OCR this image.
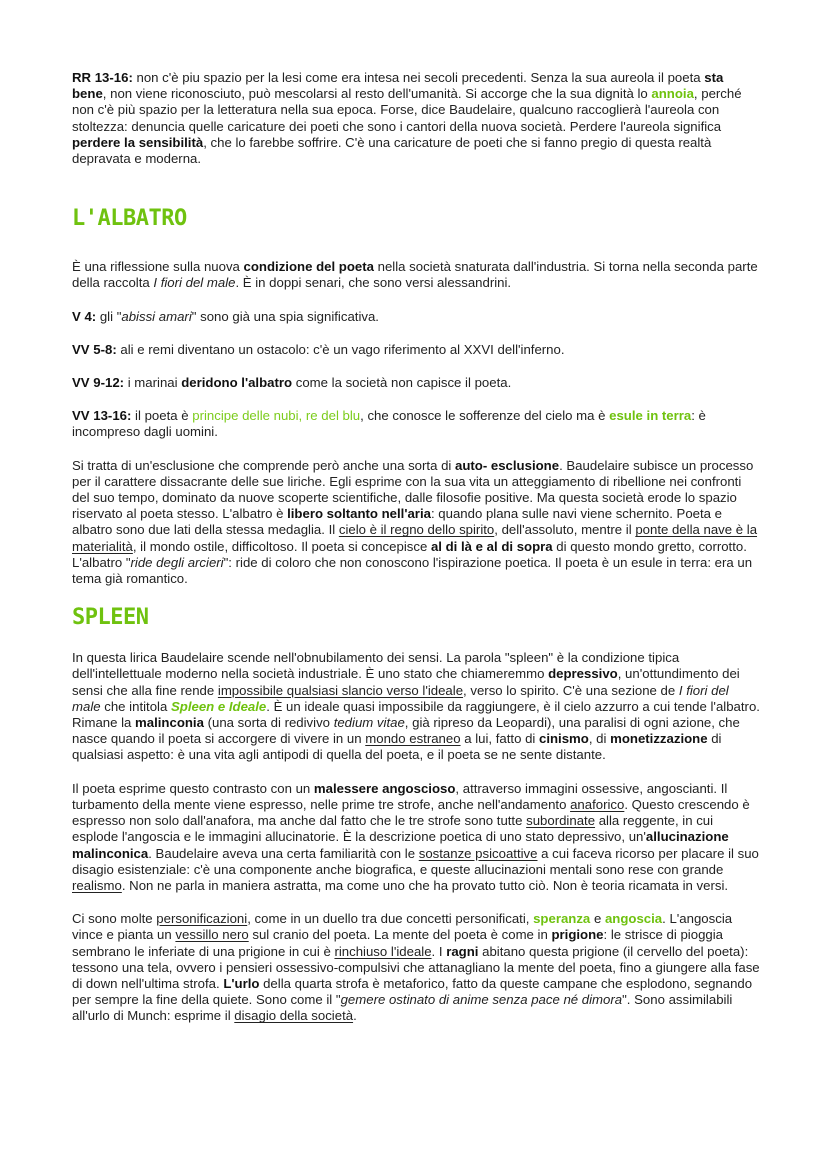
RR 13-16: non c'è piu spazio per la lesi come era intesa nei secoli precedenti. Senza la sua aureola il poeta sta bene, non viene riconosciuto, può mescolarsi al resto dell'umanità. Si accorge che la sua dignità lo annoia, perché non c'è più spazio per la letteratura nella sua epoca. Forse, dice Baudelaire, qualcuno raccoglierà l'aureola con stoltezza: denuncia quelle caricature dei poeti che sono i cantori della nuova società. Perdere l'aureola significa perdere la sensibilità, che lo farebbe soffrire. C'è una caricature de poeti che si fanno pregio di questa realtà depravata e moderna.

L'ALBATRO

È una riflessione sulla nuova condizione del poeta nella società snaturata dall'industria. Si torna nella seconda parte della raccolta I fiori del male. È in doppi senari, che sono versi alessandrini.

V 4: gli "abissi amari" sono già una spia significativa.

VV 5-8: ali e remi diventano un ostacolo: c'è un vago riferimento al XXVI dell'inferno.

VV 9-12: i marinai deridono l'albatro come la società non capisce il poeta.

VV 13-16: il poeta è principe delle nubi, re del blu, che conosce le sofferenze del cielo ma è esule in terra: è incompreso dagli uomini.

Si tratta di un'esclusione che comprende però anche una sorta di auto- esclusione. Baudelaire subisce un processo per il carattere dissacrante delle sue liriche. Egli esprime con la sua vita un atteggiamento di ribellione nei confronti del suo tempo, dominato da nuove scoperte scientifiche, dalle filosofie positive. Ma questa società erode lo spazio riservato al poeta stesso. L'albatro è libero soltanto nell'aria: quando plana sulle navi viene schernito. Poeta e albatro sono due lati della stessa medaglia. Il cielo è il regno dello spirito, dell'assoluto, mentre il ponte della nave è la materialità, il mondo ostile, difficoltoso. Il poeta si concepisce al di là e al di sopra di questo mondo gretto, corrotto. L'albatro "ride degli arcieri": ride di coloro che non conoscono l'ispirazione poetica. Il poeta è un esule in terra: era un tema già romantico.

SPLEEN

In questa lirica Baudelaire scende nell'obnubilamento dei sensi. La parola "spleen" è la condizione tipica dell'intellettuale moderno nella società industriale. È uno stato che chiameremmo depressivo, un'ottundimento dei sensi che alla fine rende impossibile qualsiasi slancio verso l'ideale, verso lo spirito. C'è una sezione de I fiori del male che intitola Spleen e Ideale. È un ideale quasi impossibile da raggiungere, è il cielo azzurro a cui tende l'albatro. Rimane la malinconia (una sorta di redivivo tedium vitae, già ripreso da Leopardi), una paralisi di ogni azione, che nasce quando il poeta si accorgere di vivere in un mondo estraneo a lui, fatto di cinismo, di monetizzazione di qualsiasi aspetto: è una vita agli antipodi di quella del poeta, e il poeta se ne sente distante.

Il poeta esprime questo contrasto con un malessere angoscioso, attraverso immagini ossessive, angoscianti. Il turbamento della mente viene espresso, nelle prime tre strofe, anche nell'andamento anaforico. Questo crescendo è espresso non solo dall'anafora, ma anche dal fatto che le tre strofe sono tutte subordinate alla reggente, in cui esplode l'angoscia e le immagini allucinatorie. È la descrizione poetica di uno stato depressivo, un'allucinazione malinconica. Baudelaire aveva una certa familiarità con le sostanze psicoattive a cui faceva ricorso per placare il suo disagio esistenziale: c'è una componente anche biografica, e queste allucinazioni mentali sono rese con grande realismo. Non ne parla in maniera astratta, ma come uno che ha provato tutto ciò. Non è teoria ricamata in versi.

Ci sono molte personificazioni, come in un duello tra due concetti personificati, speranza e angoscia. L'angoscia vince e pianta un vessillo nero sul cranio del poeta. La mente del poeta è come in prigione: le strisce di pioggia sembrano le inferiate di una prigione in cui è rinchiuso l'ideale. I ragni abitano questa prigione (il cervello del poeta): tessono una tela, ovvero i pensieri ossessivo-compulsivi che attanagliano la mente del poeta, fino a giungere alla fase di down nell'ultima strofa. L'urlo della quarta strofa è metaforico, fatto da queste campane che esplodono, segnando per sempre la fine della quiete. Sono come il "gemere ostinato di anime senza pace né dimora". Sono assimilabili all'urlo di Munch: esprime il disagio della società.
